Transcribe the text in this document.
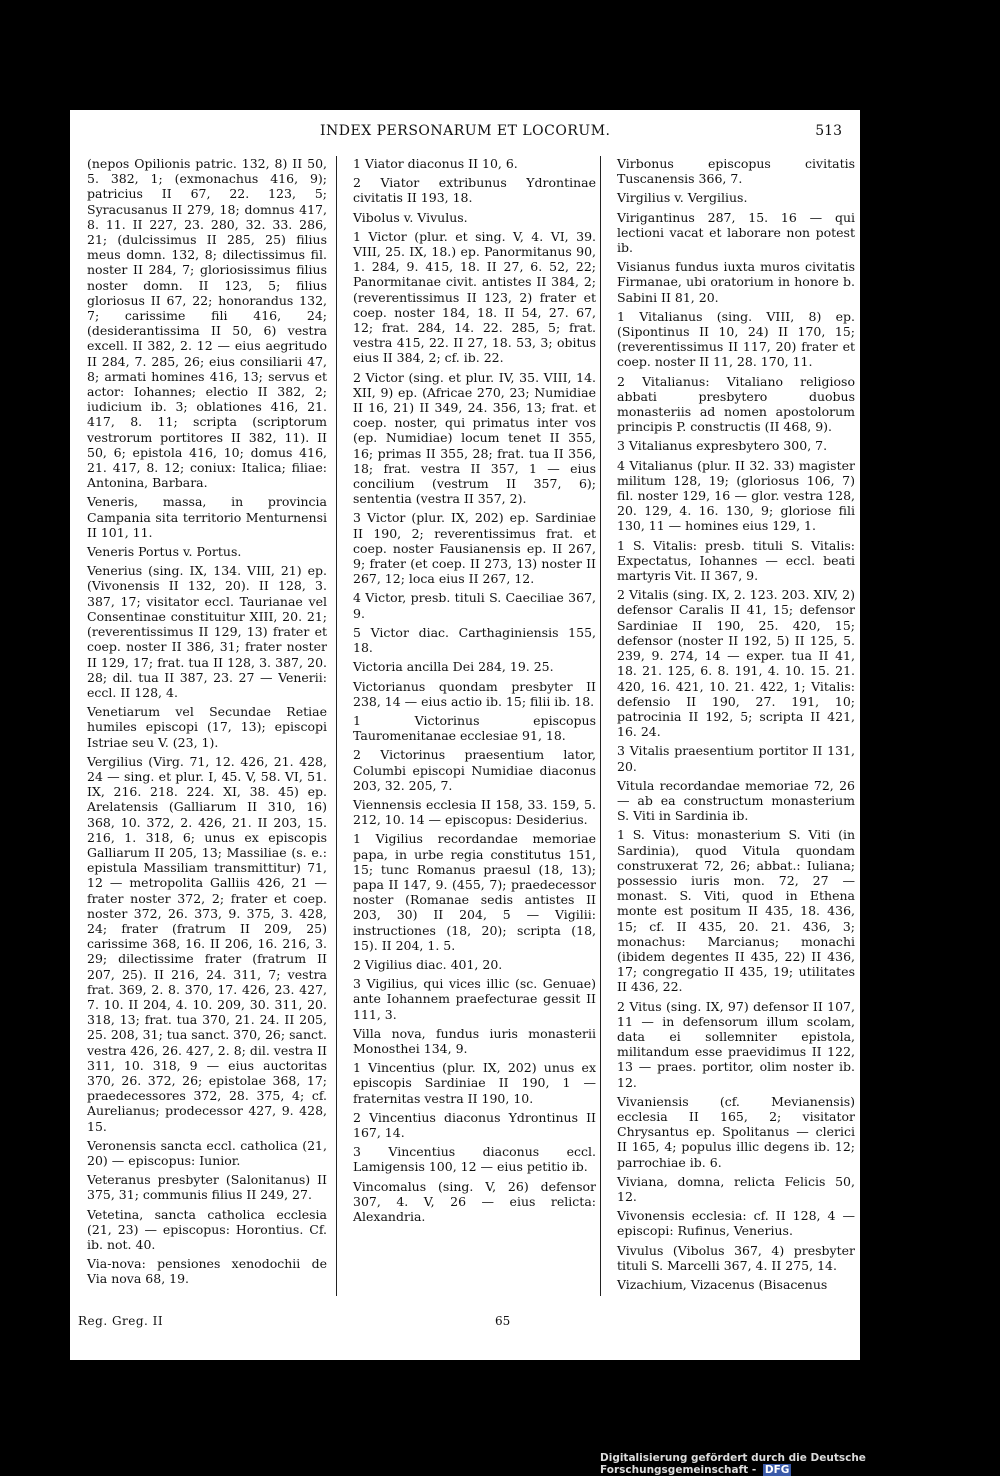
INDEX PERSONARUM ET LOCORUM.	513
(nepos Opilionis patric. 132, 8) II 50, 5. 382, 1; (exmonachus 416, 9); patricius II 67, 22. 123, 5; Syracusanus II 279, 18; domnus 417, 8. 11. II 227, 23. 280, 32. 33. 286, 21; (dulcissimus II 285, 25) filius meus domn. 132, 8; dilectissimus fil. noster II 284, 7; gloriosissimus filius noster domn. II 123, 5; filius gloriosus II 67, 22; honorandus 132, 7; carissime fili 416, 24; (desiderantissima II 50, 6) vestra excell. II 382, 2. 12 — eius aegritudo II 284, 7. 285, 26; eius consiliarii 47, 8; armati homines 416, 13; servus et actor: Iohannes; electio II 382, 2; iudicium ib. 3; oblationes 416, 21. 417, 8. 11; scripta (scriptorum vestrorum portitores II 382, 11). II 50, 6; epistola 416, 10; domus 416, 21. 417, 8. 12; coniux: Italica; filiae: Antonina, Barbara.
Veneris, massa, in provincia Campania sita territorio Menturnensi II 101, 11.
Veneris Portus v. Portus.
Venerius (sing. IX, 134. VIII, 21) ep. (Vivonensis II 132, 20). II 128, 3. 387, 17; visitator eccl. Taurianae vel Consentinae constituitur XIII, 20. 21; (reverentissimus II 129, 13) frater et coep. noster II 386, 31; frater noster II 129, 17; frat. tua II 128, 3. 387, 20. 28; dil. tua II 387, 23. 27 — Venerii: eccl. II 128, 4.
Venetiarum vel Secundae Retiae humiles episcopi (17, 13); episcopi Istriae seu V. (23, 1).
Vergilius (Virg. 71, 12. 426, 21. 428, 24 — sing. et plur. I, 45. V, 58. VI, 51. IX, 216. 218. 224. XI, 38. 45) ep. Arelatensis (Galliarum II 310, 16) 368, 10. 372, 2. 426, 21. II 203, 15. 216, 1. 318, 6; unus ex episcopis Galliarum II 205, 13; Massiliae (s. e.: epistula Massiliam transmittitur) 71, 12 — metropolita Galliis 426, 21 — frater noster 372, 2; frater et coep. noster 372, 26. 373, 9. 375, 3. 428, 24; frater (fratrum II 209, 25) carissime 368, 16. II 206, 16. 216, 3. 29; dilectissime frater (fratrum II 207, 25). II 216, 24. 311, 7; vestra frat. 369, 2. 8. 370, 17. 426, 23. 427, 7. 10. II 204, 4. 10. 209, 30. 311, 20. 318, 13; frat. tua 370, 21. 24. II 205, 25. 208, 31; tua sanct. 370, 26; sanct. vestra 426, 26. 427, 2. 8; dil. vestra II 311, 10. 318, 9 — eius auctoritas 370, 26. 372, 26; epistolae 368, 17; praedecessores 372, 28. 375, 4; cf. Aurelianus; prodecessor 427, 9. 428, 15.
Veronensis sancta eccl. catholica (21, 20) — episcopus: Iunior.
Veteranus presbyter (Salonitanus) II 375, 31; communis filius II 249, 27.
Vetetina, sancta catholica ecclesia (21, 23) — episcopus: Horontius. Cf. ib. not. 40.
Via-nova: pensiones xenodochii de Via nova 68, 19.
1 Viator diaconus II 10, 6.
2 Viator extribunus Ydrontinae civitatis II 193, 18.
Vibolus v. Vivulus.
1 Victor (plur. et sing. V, 4. VI, 39. VIII, 25. IX, 18.) ep. Panormitanus 90, 1. 284, 9. 415, 18. II 27, 6. 52, 22; Panormitanae civit. antistes II 384, 2; (reverentissimus II 123, 2) frater et coep. noster 184, 18. II 54, 27. 67, 12; frat. 284, 14. 22. 285, 5; frat. vestra 415, 22. II 27, 18. 53, 3; obitus eius II 384, 2; cf. ib. 22.
2 Victor (sing. et plur. IV, 35. VIII, 14. XII, 9) ep. (Africae 270, 23; Numidiae II 16, 21) II 349, 24. 356, 13; frat. et coep. noster, qui primatus inter vos (ep. Numidiae) locum tenet II 355, 16; primas II 355, 28; frat. tua II 356, 18; frat. vestra II 357, 1 — eius concilium (vestrum II 357, 6); sententia (vestra II 357, 2).
3 Victor (plur. IX, 202) ep. Sardiniae II 190, 2; reverentissimus frat. et coep. noster Fausianensis ep. II 267, 9; frater (et coep. II 273, 13) noster II 267, 12; loca eius II 267, 12.
4 Victor, presb. tituli S. Caeciliae 367, 9.
5 Victor diac. Carthaginiensis 155, 18.
Victoria ancilla Dei 284, 19. 25.
Victorianus quondam presbyter II 238, 14 — eius actio ib. 15; filii ib. 18.
1 Victorinus episcopus Tauromenitanae ecclesiae 91, 18.
2 Victorinus praesentium lator, Columbi episcopi Numidiae diaconus 203, 32. 205, 7.
Viennensis ecclesia II 158, 33. 159, 5. 212, 10. 14 — episcopus: Desiderius.
1 Vigilius recordandae memoriae papa, in urbe regia constitutus 151, 15; tunc Romanus praesul (18, 13); papa II 147, 9. (455, 7); praedecessor noster (Romanae sedis antistes II 203, 30) II 204, 5 — Vigilii: instructiones (18, 20); scripta (18, 15). II 204, 1. 5.
2 Vigilius diac. 401, 20.
3 Vigilius, qui vices illic (sc. Genuae) ante Iohannem praefecturae gessit II 111, 3.
Villa nova, fundus iuris monasterii Monosthei 134, 9.
1 Vincentius (plur. IX, 202) unus ex episcopis Sardiniae II 190, 1 — fraternitas vestra II 190, 10.
2 Vincentius diaconus Ydrontinus II 167, 14.
3 Vincentius diaconus eccl. Lamigensis 100, 12 — eius petitio ib.
Vincomalus (sing. V, 26) defensor 307, 4. V, 26 — eius relicta: Alexandria.
Virbonus episcopus civitatis Tuscanensis 366, 7.
Virgilius v. Vergilius.
Virigantinus 287, 15. 16 — qui lectioni vacat et laborare non potest ib.
Visianus fundus iuxta muros civitatis Firmanae, ubi oratorium in honore b. Sabini II 81, 20.
1 Vitalianus (sing. VIII, 8) ep. (Sipontinus II 10, 24) II 170, 15; (reverentissimus II 117, 20) frater et coep. noster II 11, 28. 170, 11.
2 Vitalianus: Vitaliano religioso abbati presbytero duobus monasteriis ad nomen apostolorum principis P. constructis (II 468, 9).
3 Vitalianus expresbytero 300, 7.
4 Vitalianus (plur. II 32. 33) magister militum 128, 19; (gloriosus 106, 7) fil. noster 129, 16 — glor. vestra 128, 20. 129, 4. 16. 130, 9; gloriose fili 130, 11 — homines eius 129, 1.
1 S. Vitalis: presb. tituli S. Vitalis: Expectatus, Iohannes — eccl. beati martyris Vit. II 367, 9.
2 Vitalis (sing. IX, 2. 123. 203. XIV, 2) defensor Caralis II 41, 15; defensor Sardiniae II 190, 25. 420, 15; defensor (noster II 192, 5) II 125, 5. 239, 9. 274, 14 — exper. tua II 41, 18. 21. 125, 6. 8. 191, 4. 10. 15. 21. 420, 16. 421, 10. 21. 422, 1; Vitalis: defensio II 190, 27. 191, 10; patrocinia II 192, 5; scripta II 421, 16. 24.
3 Vitalis praesentium portitor II 131, 20.
Vitula recordandae memoriae 72, 26 — ab ea constructum monasterium S. Viti in Sardinia ib.
1 S. Vitus: monasterium S. Viti (in Sardinia), quod Vitula quondam construxerat 72, 26; abbat.: Iuliana; possessio iuris mon. 72, 27 — monast. S. Viti, quod in Ethena monte est positum II 435, 18. 436, 15; cf. II 435, 20. 21. 436, 3; monachus: Marcianus; monachi (ibidem degentes II 435, 22) II 436, 17; congregatio II 435, 19; utilitates II 436, 22.
2 Vitus (sing. IX, 97) defensor II 107, 11 — in defensorum illum scolam, data ei sollemniter epistola, militandum esse praevidimus II 122, 13 — praes. portitor, olim noster ib. 12.
Vivaniensis (cf. Mevianensis) ecclesia II 165, 2; visitator Chrysantus ep. Spolitanus — clerici II 165, 4; populus illic degens ib. 12; parrochiae ib. 6.
Viviana, domna, relicta Felicis 50, 12.
Vivonensis ecclesia: cf. II 128, 4 — episcopi: Rufinus, Venerius.
Vivulus (Vibolus 367, 4) presbyter tituli S. Marcelli 367, 4. II 275, 14.
Vizachium, Vizacenus (Bisacenus
Reg. Greg. II	65
Digitalisierung gefördert durch die Deutsche Forschungsgemeinschaft - DFG
